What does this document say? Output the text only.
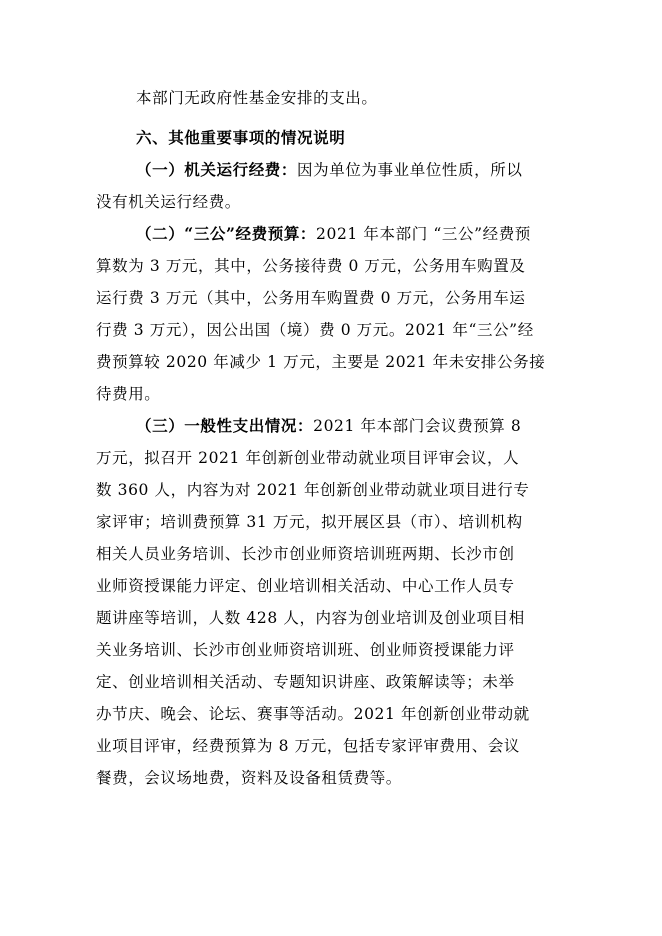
本部门无政府性基金安排的支出。
六、其他重要事项的情况说明
（一）机关运行经费：因为单位为事业单位性质，所以
没有机关运行经费。
（二）“三公”经费预算：2021 年本部门 “三公”经费预
算数为 3 万元，其中，公务接待费 0 万元，公务用车购置及
运行费 3 万元（其中，公务用车购置费 0 万元，公务用车运
行费 3 万元），因公出国（境）费 0 万元。2021 年“三公”经
费预算较 2020 年减少 1 万元，主要是 2021 年未安排公务接
待费用。
（三）一般性支出情况：2021 年本部门会议费预算 8
万元，拟召开 2021 年创新创业带动就业项目评审会议，人
数 360 人，内容为对 2021 年创新创业带动就业项目进行专
家评审；培训费预算 31 万元，拟开展区县（市）、培训机构
相关人员业务培训、长沙市创业师资培训班两期、长沙市创
业师资授课能力评定、创业培训相关活动、中心工作人员专
题讲座等培训，人数 428 人，内容为创业培训及创业项目相
关业务培训、长沙市创业师资培训班、创业师资授课能力评
定、创业培训相关活动、专题知识讲座、政策解读等；未举
办节庆、晚会、论坛、赛事等活动。2021 年创新创业带动就
业项目评审，经费预算为 8 万元，包括专家评审费用、会议
餐费，会议场地费，资料及设备租赁费等。
